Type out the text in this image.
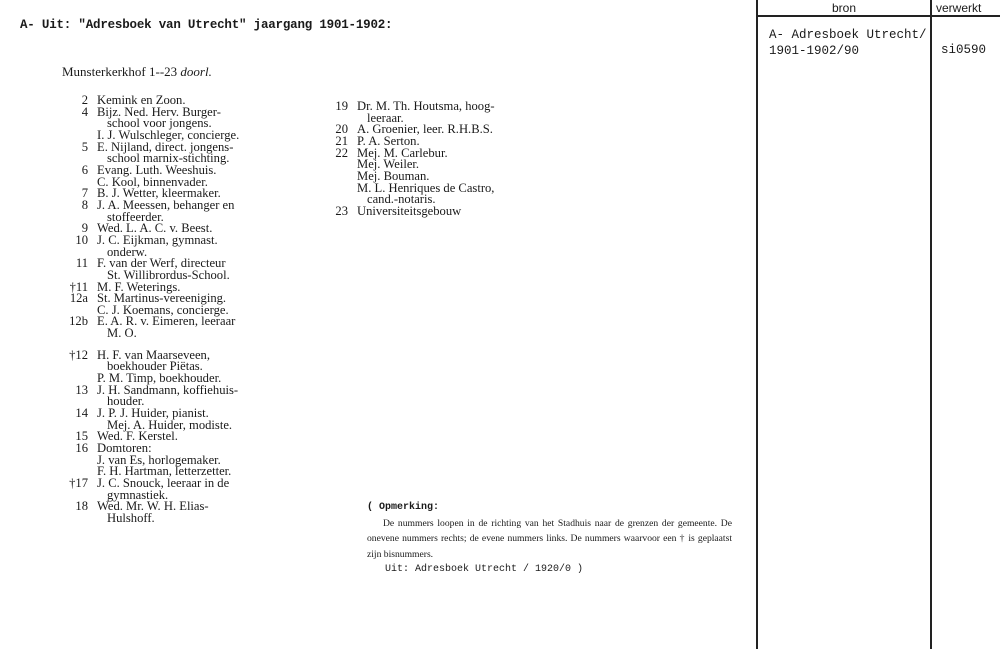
A- Uit: "Adresboek van Utrecht" jaargang 1901-1902:
Munsterkerkhof 1--23 doorl.
2 Kemink en Zoon.
4 Bijz. Ned. Herv. Burger-
school voor jongens.
I. J. Wulschleger, concierge.
5 E. Nijland, direct. jongens-
school marnix-stichting.
6 Evang. Luth. Weeshuis.
C. Kool, binnenvader.
7 B. J. Wetter, kleermaker.
8 J. A. Meessen, behanger en
stoffeerder.
9 Wed. L. A. C. v. Beest.
10 J. C. Eijkman, gymnast.
onderw.
11 F. van der Werf, directeur
St. Willibrordus-School.
†11 M. F. Weterings.
12a St. Martinus-vereeniging.
C. J. Koemans, concierge.
12b E. A. R. v. Eimeren, leeraar
M. O.
†12 H. F. van Maarseveen,
boekhouder Piëtas.
P. M. Timp, boekhouder.
13 J. H. Sandmann, koffiehuis-
houder.
14 J. P. J. Huider, pianist.
Mej. A. Huider, modiste.
15 Wed. F. Kerstel.
16 Domtoren:
J. van Es, horlogemaker.
F. H. Hartman, letterzetter.
†17 J. C. Snouck, leeraar in de
gymnastiek.
18 Wed. Mr. W. H. Elias-
Hulshoff.
19 Dr. M. Th. Houtsma, hoog-
leeraar.
20 A. Groenier, leer. R.H.B.S.
21 P. A. Serton.
22 Mej. M. Carlebur.
Mej. Weiler.
Mej. Bouman.
M. L. Henriques de Castro,
cand.-notaris.
23 Universiteitsgebouw
( Opmerking:
De nummers loopen in de richting van het Stadhuis naar de grenzen der gemeente. De onevene nummers rechts; de evene nummers links. De nummers waarvoor een † is geplaatst zijn bisnummers.
Uit: Adresboek Utrecht / 1920/0 )
bron	verwerkt
A- Adresboek Utrecht/
1901-1902/90	si0590
